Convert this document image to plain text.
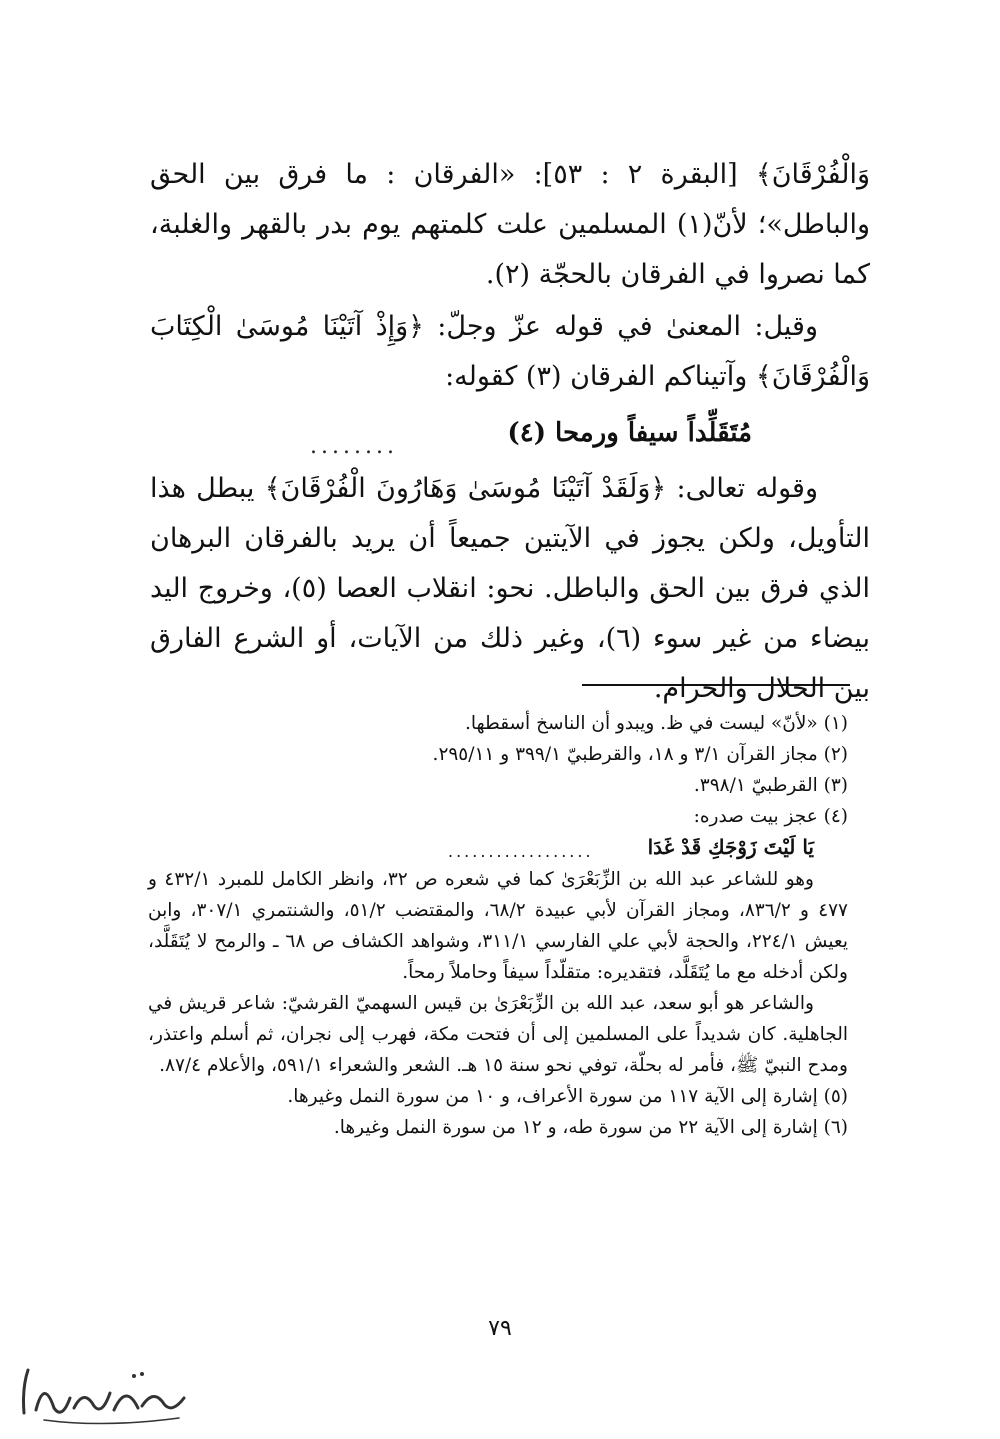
وَالْفُرْقَانَ﴾ [البقرة ٢ : ٥٣]: «الفرقان : ما فرق بين الحق والباطل»؛ لأنّ(١) المسلمين علت كلمتهم يوم بدر بالقهر والغلبة، كما نصروا في الفرقان بالحجّة (٢).

وقيل: المعنىٰ في قوله عزّ وجلّ: ﴿وَإِذْ آتَيْنَا مُوسَىٰ الْكِتَابَ وَالْفُرْقَانَ﴾ وآتيناكم الفرقان (٣) كقوله:

مُتَقَلِّداً سيفاً ورمحا (٤)
........

وقوله تعالى: ﴿وَلَقَدْ آتَيْنَا مُوسَىٰ وَهَارُونَ الْفُرْقَانَ﴾ يبطل هذا التأويل، ولكن يجوز في الآيتين جميعاً أن يريد بالفرقان البرهان الذي فرق بين الحق والباطل. نحو: انقلاب العصا (٥)، وخروج اليد بيضاء من غير سوء (٦)، وغير ذلك من الآيات، أو الشرع الفارق بين الحلال والحرام.

(١) «لأنّ» ليست في ظ. ويبدو أن الناسخ أسقطها.

(٢) مجاز القرآن ٣/١ و ١٨، والقرطبيّ ٣٩٩/١ و ٢٩٥/١١.

(٣) القرطبيّ ٣٩٨/١.

(٤) عجز بيت صدره:

يَا لَيْتَ زَوْجَكِ قَدْ غَدَا
..................

وهو للشاعر عبد الله بن الزِّبَعْرَىٰ كما في شعره ص ٣٢، وانظر الكامل للمبرد ٤٣٢/١ و ٤٧٧ و ٨٣٦/٢، ومجاز القرآن لأبي عبيدة ٦٨/٢، والمقتضب ٥١/٢، والشنتمري ٣٠٧/١، وابن يعيش ٢٢٤/١، والحجة لأبي علي الفارسي ٣١١/١، وشواهد الكشاف ص ٦٨ ـ والرمح لا يُتَقَلَّد، ولكن أدخله مع ما يُتَقَلَّد، فتقديره: متقلّداً سيفاً وحاملاً رمحاً.

والشاعر هو أبو سعد، عبد الله بن الزِّبَعْرَىٰ بن قيس السهميّ القرشيّ: شاعر قريش في الجاهلية. كان شديداً على المسلمين إلى أن فتحت مكة، فهرب إلى نجران، ثم أسلم واعتذر، ومدح النبيّ ﷺ، فأمر له بحلّة، توفي نحو سنة ١٥ هـ. الشعر والشعراء ٥٩١/١، والأعلام ٨٧/٤.

(٥) إشارة إلى الآية ١١٧ من سورة الأعراف، و ١٠ من سورة النمل وغيرها.

(٦) إشارة إلى الآية ٢٢ من سورة طه، و ١٢ من سورة النمل وغيرها.

٧٩
